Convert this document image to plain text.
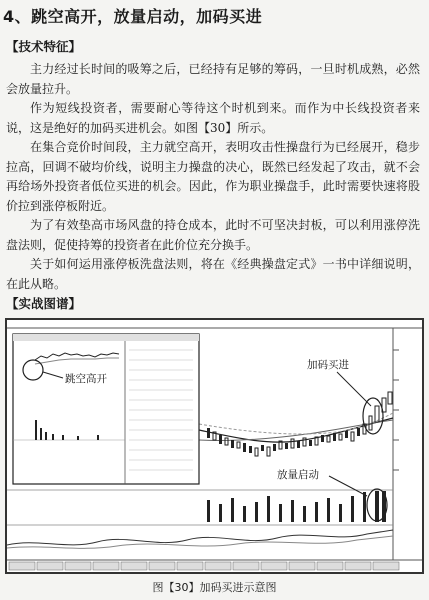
4、跳空高开，放量启动，加码买进
【技术特征】

主力经过长时间的吸筹之后，已经持有足够的筹码，一旦时机成熟，必然会放量拉升。

作为短线投资者，需要耐心等待这个时机到来。而作为中长线投资者来说，这是绝好的加码买进机会。如图【30】所示。

在集合竞价时间段，主力就空高开，表明攻击性操盘行为已经展开，稳步拉高，回调不破均价线，说明主力操盘的决心，既然已经发起了攻击，就不会再给场外投资者低位买进的机会。因此，作为职业操盘手，此时需要快速将股价拉到涨停板附近。

为了有效垫高市场风盘的持仓成本，此时不可坚决封板，可以利用涨停洗盘法则，促使持筹的投资者在此价位充分换手。

关于如何运用涨停板洗盘法则，将在《经典操盘定式》一书中详细说明，在此从略。

【实战图谱】
跳空高开
加码买进
放量启动
图【30】加码买进示意图
